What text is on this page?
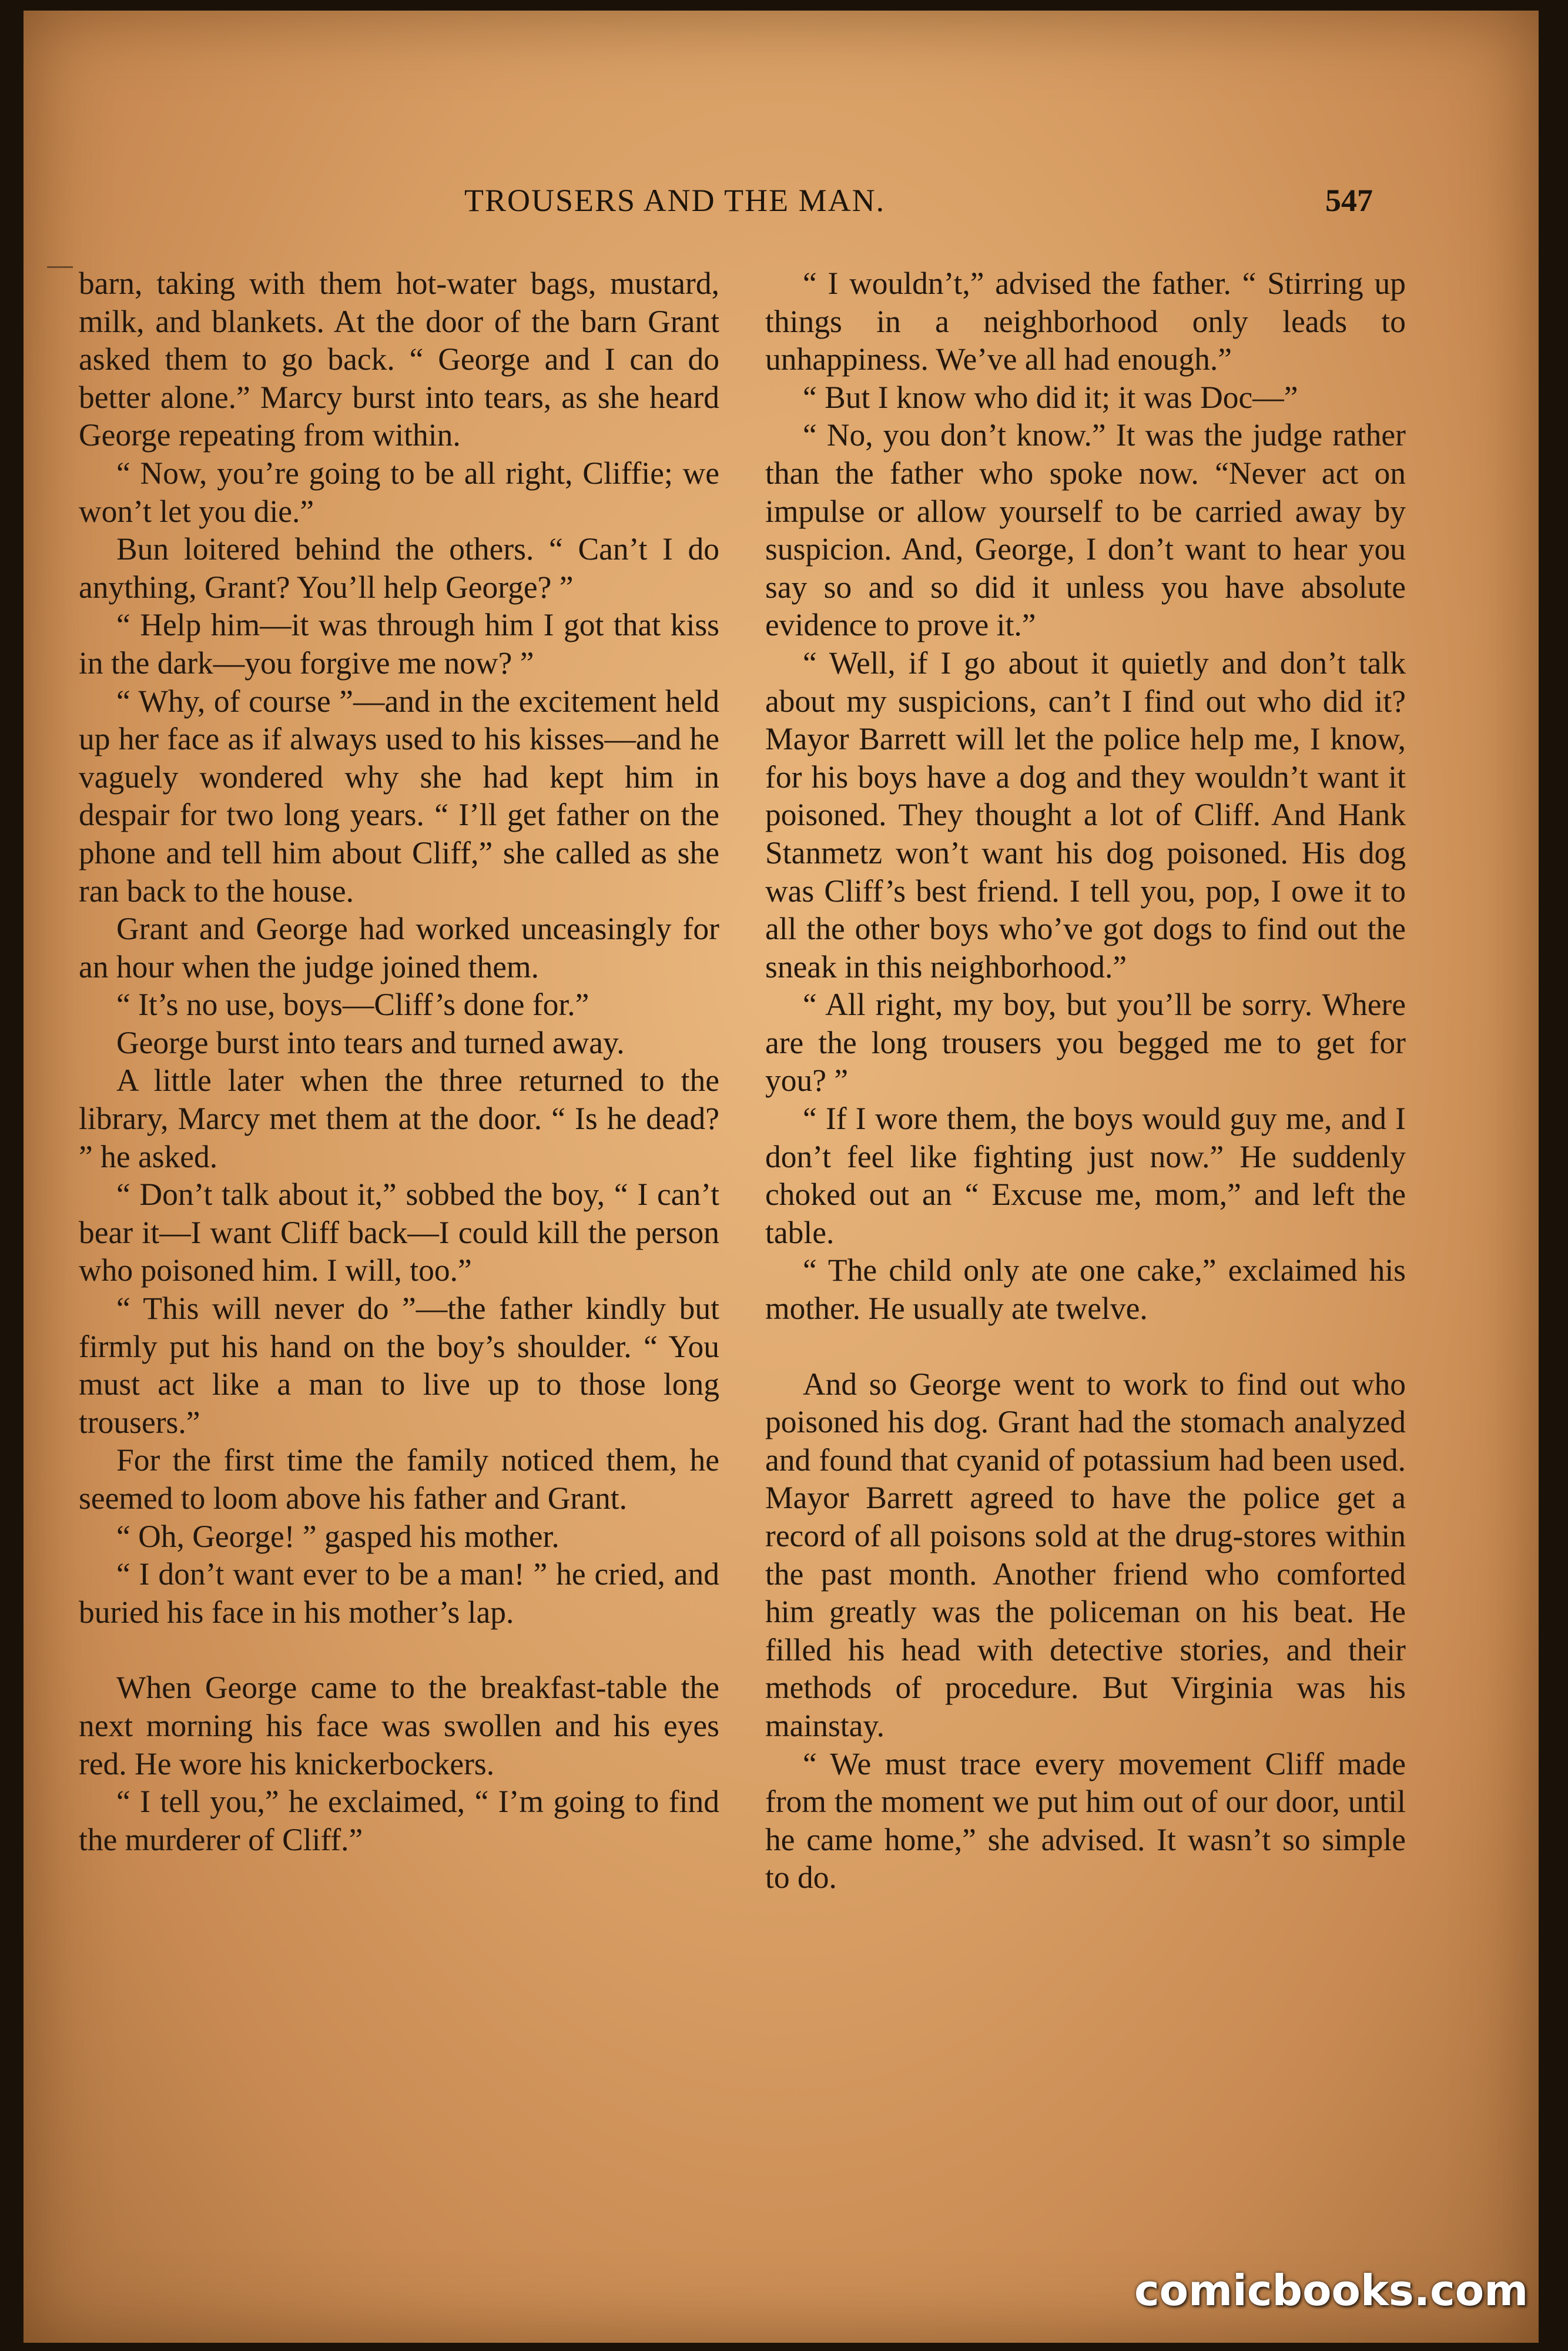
TROUSERS AND THE MAN.	547

barn, taking with them hot-water bags, mustard, milk, and blankets. At the door of the barn Grant asked them to go back. “ George and I can do better alone.” Marcy burst into tears, as she heard George repeating from within.

“ Now, you’re going to be all right, Cliffie; we won’t let you die.”

Bun loitered behind the others. “ Can’t I do anything, Grant? You’ll help George? ”

“ Help him—it was through him I got that kiss in the dark—you forgive me now? ”

“ Why, of course ”—and in the excitement held up her face as if always used to his kisses—and he vaguely wondered why she had kept him in despair for two long years. “ I’ll get father on the phone and tell him about Cliff,” she called as she ran back to the house.

Grant and George had worked unceasingly for an hour when the judge joined them.

“ It’s no use, boys—Cliff’s done for.”

George burst into tears and turned away.

A little later when the three returned to the library, Marcy met them at the door. “ Is he dead? ” he asked.

“ Don’t talk about it,” sobbed the boy, “ I can’t bear it—I want Cliff back—I could kill the person who poisoned him. I will, too.”

“ This will never do ”—the father kindly but firmly put his hand on the boy’s shoulder. “ You must act like a man to live up to those long trousers.”

For the first time the family noticed them, he seemed to loom above his father and Grant.

“ Oh, George! ” gasped his mother.

“ I don’t want ever to be a man! ” he cried, and buried his face in his mother’s lap.

When George came to the breakfast-table the next morning his face was swollen and his eyes red. He wore his knickerbockers.

“ I tell you,” he exclaimed, “ I’m going to find the murderer of Cliff.”

“ I wouldn’t,” advised the father. “ Stirring up things in a neighborhood only leads to unhappiness. We’ve all had enough.”

“ But I know who did it; it was Doc—”

“ No, you don’t know.” It was the judge rather than the father who spoke now. “Never act on impulse or allow yourself to be carried away by suspicion. And, George, I don’t want to hear you say so and so did it unless you have absolute evidence to prove it.”

“ Well, if I go about it quietly and don’t talk about my suspicions, can’t I find out who did it? Mayor Barrett will let the police help me, I know, for his boys have a dog and they wouldn’t want it poisoned. They thought a lot of Cliff. And Hank Stanmetz won’t want his dog poisoned. His dog was Cliff’s best friend. I tell you, pop, I owe it to all the other boys who’ve got dogs to find out the sneak in this neighborhood.”

“ All right, my boy, but you’ll be sorry. Where are the long trousers you begged me to get for you? ”

“ If I wore them, the boys would guy me, and I don’t feel like fighting just now.” He suddenly choked out an “ Excuse me, mom,” and left the table.

“ The child only ate one cake,” exclaimed his mother. He usually ate twelve.

And so George went to work to find out who poisoned his dog. Grant had the stomach analyzed and found that cyanid of potassium had been used. Mayor Barrett agreed to have the police get a record of all poisons sold at the drug-stores within the past month. Another friend who comforted him greatly was the policeman on his beat. He filled his head with detective stories, and their methods of procedure. But Virginia was his mainstay.

“ We must trace every movement Cliff made from the moment we put him out of our door, until he came home,” she advised. It wasn’t so simple to do.

comicbooks.com
